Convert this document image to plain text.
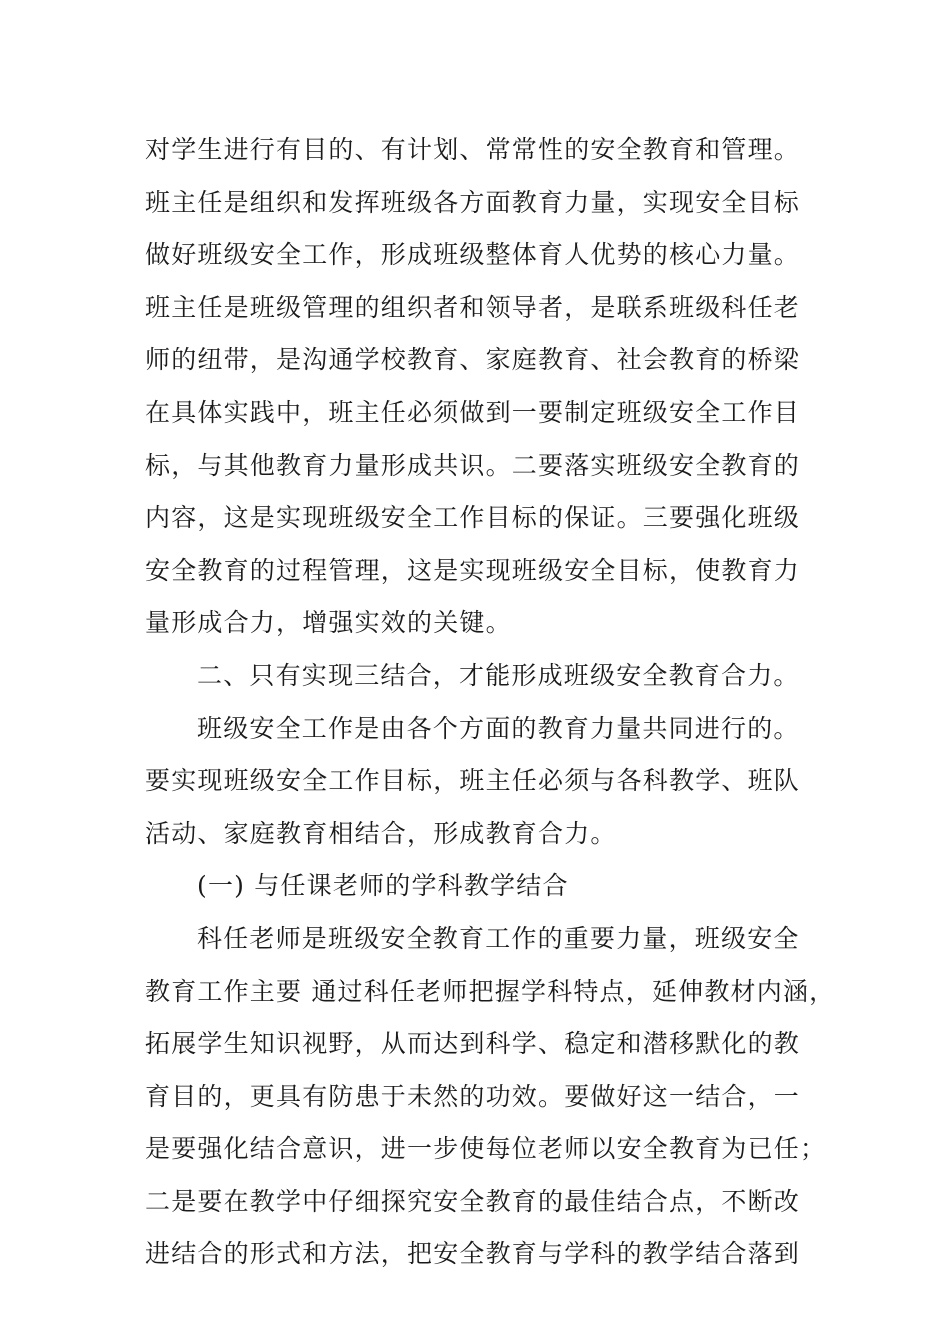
对学生进行有目的、有计划、常常性的安全教育和管理。
班主任是组织和发挥班级各方面教育力量，实现安全目标
做好班级安全工作，形成班级整体育人优势的核心力量。
班主任是班级管理的组织者和领导者，是联系班级科任老
师的纽带，是沟通学校教育、家庭教育、社会教育的桥梁
在具体实践中，班主任必须做到一要制定班级安全工作目
标，与其他教育力量形成共识。二要落实班级安全教育的
内容，这是实现班级安全工作目标的保证。三要强化班级
安全教育的过程管理，这是实现班级安全目标，使教育力
量形成合力，增强实效的关键。
二、只有实现三结合，才能形成班级安全教育合力。
班级安全工作是由各个方面的教育力量共同进行的。
要实现班级安全工作目标，班主任必须与各科教学、班队
活动、家庭教育相结合，形成教育合力。
(一) 与任课老师的学科教学结合
科任老师是班级安全教育工作的重要力量，班级安全
教育工作主要 通过科任老师把握学科特点，延伸教材内涵，
拓展学生知识视野，从而达到科学、稳定和潜移默化的教
育目的，更具有防患于未然的功效。要做好这一结合，一
是要强化结合意识，进一步使每位老师以安全教育为已任；
二是要在教学中仔细探究安全教育的最佳结合点，不断改
进结合的形式和方法，把安全教育与学科的教学结合落到
